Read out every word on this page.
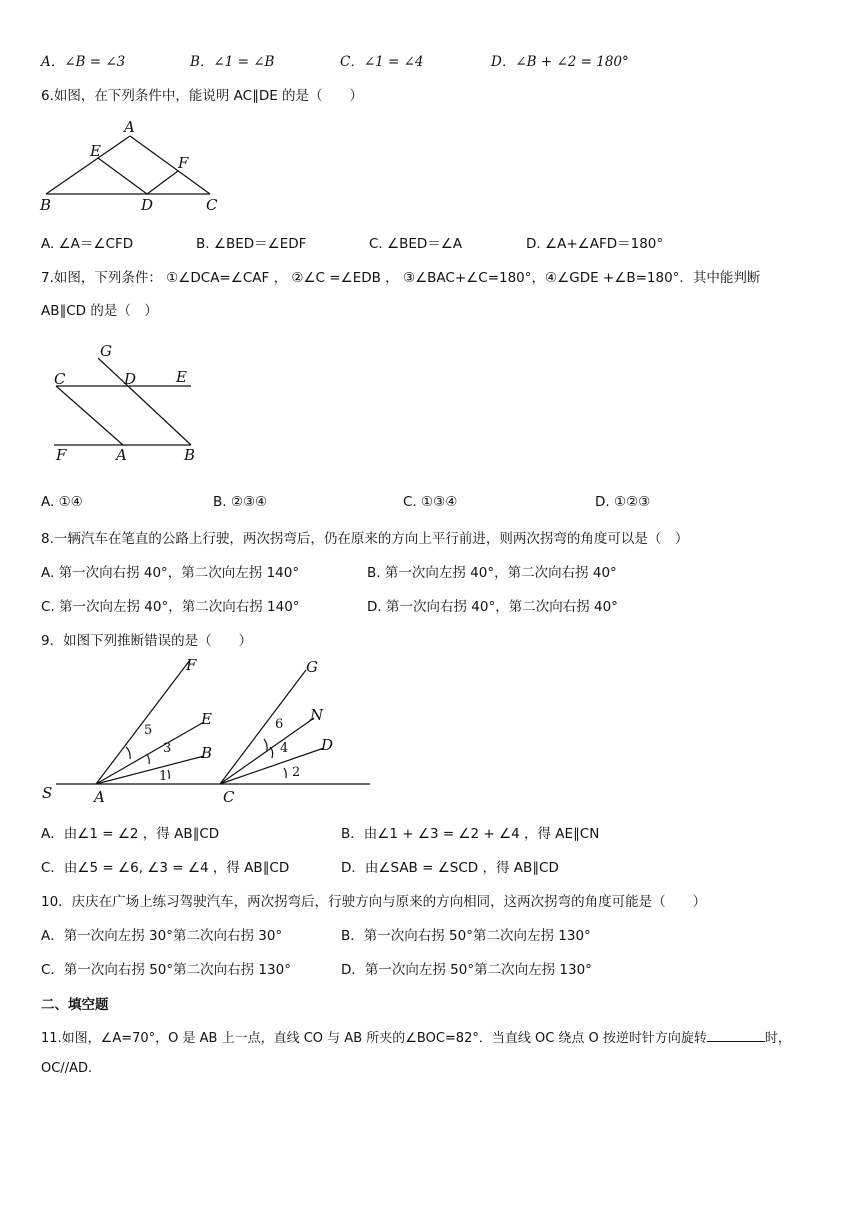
A．∠B = ∠3	B．∠1 = ∠B	C．∠1 = ∠4	D．∠B + ∠2 = 180°
6.如图，在下列条件中，能说明 AC∥DE 的是（　　）
A
E
F
B	D	C
A. ∠A＝∠CFD	B. ∠BED＝∠EDF	C. ∠BED＝∠A	D. ∠A+∠AFD＝180°
7.如图，下列条件： ①∠DCA=∠CAF ， ②∠C =∠EDB ， ③∠BAC+∠C=180°，④∠GDE +∠B=180°．其中能判断
AB∥CD 的是（　）
G
C	D	E
F	A	B
A. ①④	B. ②③④	C. ①③④	D. ①②③
8.一辆汽车在笔直的公路上行驶，两次拐弯后，仍在原来的方向上平行前进，则两次拐弯的角度可以是（　）
A. 第一次向右拐 40°，第二次向左拐 140°	B. 第一次向左拐 40°，第二次向右拐 40°
C. 第一次向左拐 40°，第二次向右拐 140°	D. 第一次向右拐 40°，第二次向右拐 40°
9．如图下列推断错误的是（　　）
F
E
B
S	A
G
N
D
C
5
3
1
6
4
2
A．由∠1 = ∠2 ，得 AB∥CD	B．由∠1 + ∠3 = ∠2 + ∠4 ，得 AE∥CN
C．由∠5 = ∠6, ∠3 = ∠4 ，得 AB∥CD	D．由∠SAB = ∠SCD ，得 AB∥CD
10．庆庆在广场上练习驾驶汽车，两次拐弯后，行驶方向与原来的方向相同，这两次拐弯的角度可能是（　　）
A．第一次向左拐 30°第二次向右拐 30°	B．第一次向右拐 50°第二次向左拐 130°
C．第一次向右拐 50°第二次向右拐 130°	D．第一次向左拐 50°第二次向左拐 130°
二、填空题
11.如图，∠A=70°，O 是 AB 上一点，直线 CO 与 AB 所夹的∠BOC=82°．当直线 OC 绕点 O 按逆时针方向旋转	时，
OC//AD.
